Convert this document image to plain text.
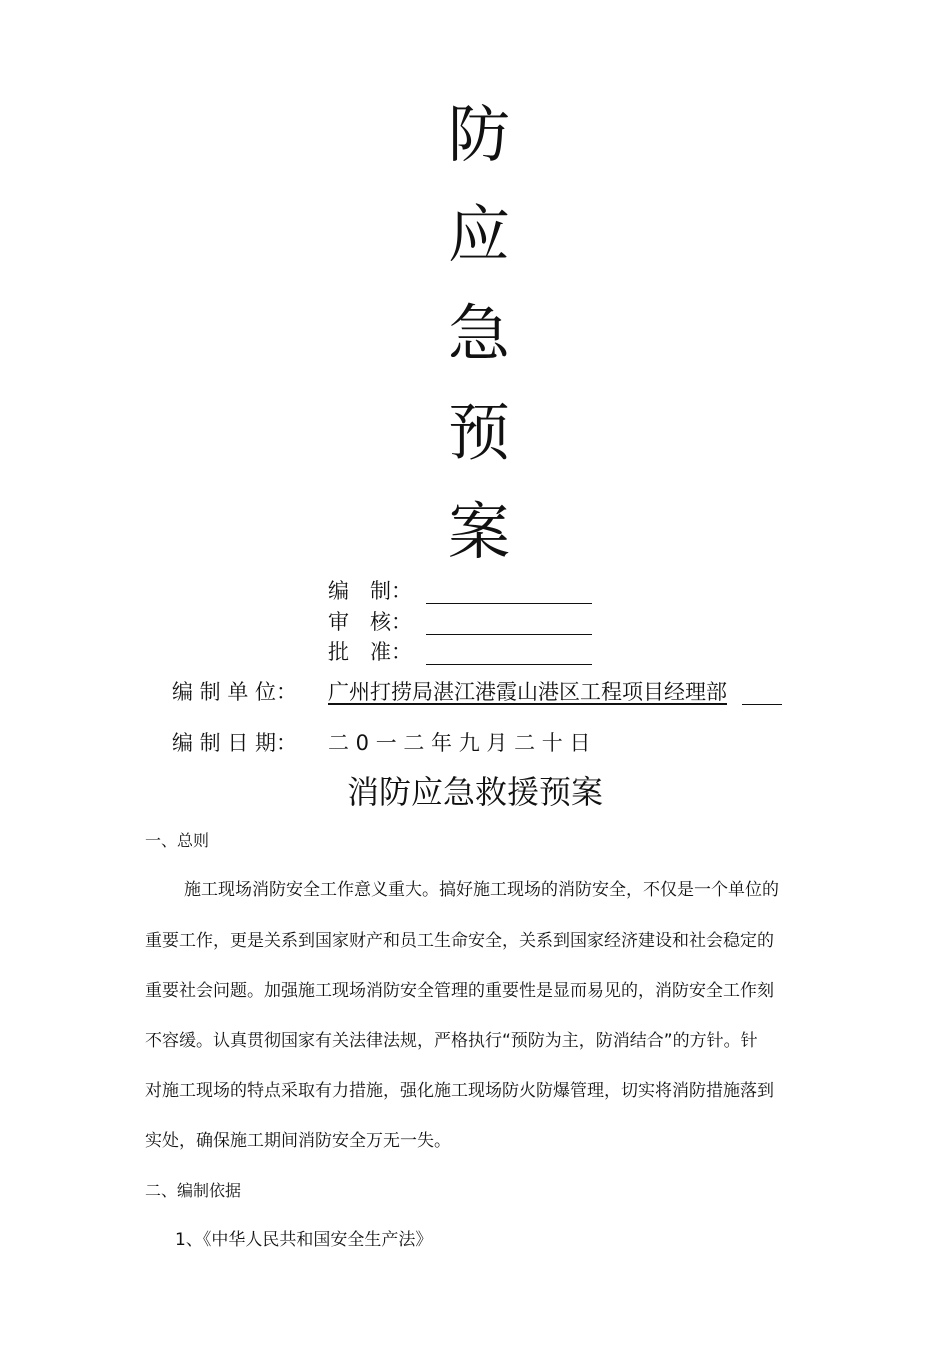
防
应
急
预
案
编　制：
审　核：
批　准：
编 制 单 位： 广州打捞局湛江港霞山港区工程项目经理部
编 制 日 期： 二 0 一 二 年 九 月 二 十 日
消防应急救援预案
一、总则
施工现场消防安全工作意义重大。搞好施工现场的消防安全，不仅是一个单位的
重要工作，更是关系到国家财产和员工生命安全，关系到国家经济建设和社会稳定的
重要社会问题。加强施工现场消防安全管理的重要性是显而易见的，消防安全工作刻
不容缓。认真贯彻国家有关法律法规，严格执行“预防为主，防消结合”的方针。针
对施工现场的特点采取有力措施，强化施工现场防火防爆管理，切实将消防措施落到
实处，确保施工期间消防安全万无一失。
二、编制依据
1、《中华人民共和国安全生产法》
